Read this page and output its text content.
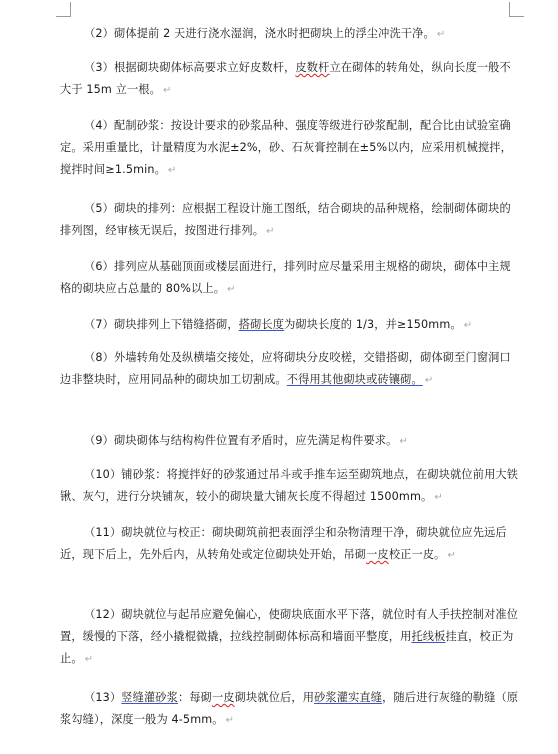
（2）砌体提前 2 天进行浇水湿润，浇水时把砌块上的浮尘冲洗干净。 ↵

（3）根据砌块砌体标高要求立好皮数杆，皮数杆立在砌体的转角处，纵向长度一般不大于 15m 立一根。 ↵

（4）配制砂浆：按设计要求的砂浆品种、强度等级进行砂浆配制，配合比由试验室确定。采用重量比，计量精度为水泥±2%，砂、石灰膏控制在±5%以内，应采用机械搅拌，搅拌时间≥1.5min。 ↵

（5）砌块的排列：应根据工程设计施工图纸，结合砌块的品种规格，绘制砌体砌块的排列图，经审核无误后，按图进行排列。 ↵

（6）排列应从基础顶面或楼层面进行，排列时应尽量采用主规格的砌块，砌体中主规格的砌块应占总量的 80%以上。 ↵

（7）砌块排列上下错缝搭砌，搭砌长度为砌块长度的 1/3，并≥150mm。 ↵

（8）外墙转角处及纵横墙交接处，应将砌块分皮咬槎，交错搭砌，砌体砌至门窗洞口边非整块时，应用同品种的砌块加工切割成。不得用其他砌块或砖镶砌。 ↵

（9）砌块砌体与结构构件位置有矛盾时，应先满足构件要求。 ↵

（10）铺砂浆：将搅拌好的砂浆通过吊斗或手推车运至砌筑地点，在砌块就位前用大铁锹、灰勺，进行分块铺灰，较小的砌块量大铺灰长度不得超过 1500mm。 ↵

（11）砌块就位与校正：砌块砌筑前把表面浮尘和杂物清理干净，砌块就位应先远后近，现下后上，先外后内，从转角处或定位砌块处开始，吊砌一皮校正一皮。 ↵

（12）砌块就位与起吊应避免偏心，使砌块底面水平下落，就位时有人手扶控制对准位置，缓慢的下落，经小撬棍微撬，拉线控制砌体标高和墙面平整度，用托线板挂直，校正为止。 ↵

（13）竖缝灌砂浆：每砌一皮砌块就位后，用砂浆灌实直缝，随后进行灰缝的勒缝（原浆勾缝），深度一般为 4-5mm。 ↵
